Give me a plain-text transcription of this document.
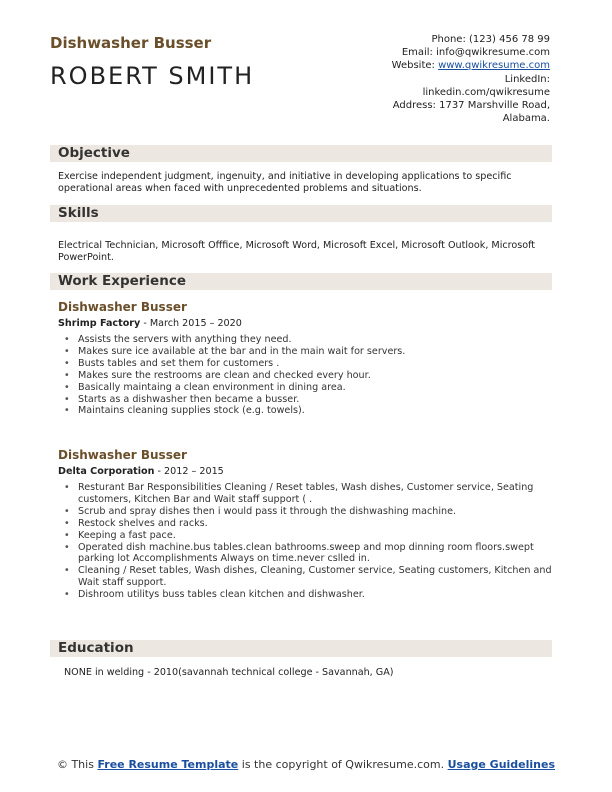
Dishwasher Busser
ROBERT SMITH
Phone: (123) 456 78 99
Email: info@qwikresume.com
Website: www.qwikresume.com
LinkedIn:
linkedin.com/qwikresume
Address: 1737 Marshville Road,
Alabama.
Objective
Exercise independent judgment, ingenuity, and initiative in developing applications to specific operational areas when faced with unprecedented problems and situations.
Skills
Electrical Technician, Microsoft Offfice, Microsoft Word, Microsoft Excel, Microsoft Outlook, Microsoft PowerPoint.
Work Experience
Dishwasher Busser
Shrimp Factory - March 2015 – 2020
• Assists the servers with anything they need.
• Makes sure ice available at the bar and in the main wait for servers.
• Busts tables and set them for customers .
• Makes sure the restrooms are clean and checked every hour.
• Basically maintaing a clean environment in dining area.
• Starts as a dishwasher then became a busser.
• Maintains cleaning supplies stock (e.g. towels).
Dishwasher Busser
Delta Corporation - 2012 – 2015
• Resturant Bar Responsibilities Cleaning / Reset tables, Wash dishes, Customer service, Seating customers, Kitchen Bar and Wait staff support ( .
• Scrub and spray dishes then i would pass it through the dishwashing machine.
• Restock shelves and racks.
• Keeping a fast pace.
• Operated dish machine.bus tables.clean bathrooms.sweep and mop dinning room floors.swept parking lot Accomplishments Always on time.never cslled in.
• Cleaning / Reset tables, Wash dishes, Cleaning, Customer service, Seating customers, Kitchen and Wait staff support.
• Dishroom utilitys buss tables clean kitchen and dishwasher.
Education
NONE in welding - 2010(savannah technical college - Savannah, GA)
© This Free Resume Template is the copyright of Qwikresume.com. Usage Guidelines
